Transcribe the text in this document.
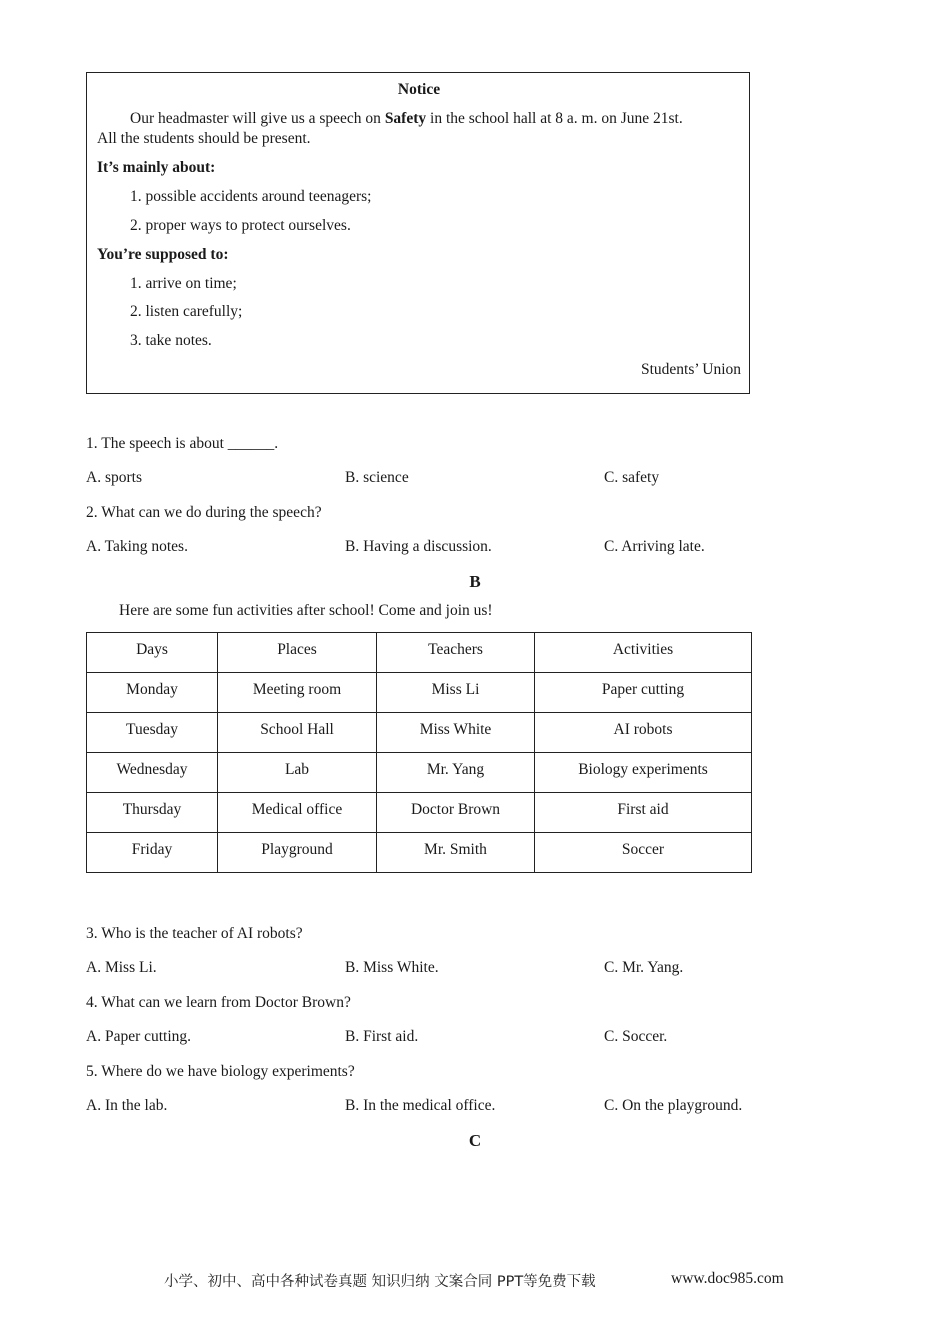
Notice
Our headmaster will give us a speech on Safety in the school hall at 8 a. m. on June 21st.
All the students should be present.
It’s mainly about:
1. possible accidents around teenagers;
2. proper ways to protect ourselves.
You’re supposed to:
1. arrive on time;
2. listen carefully;
3. take notes.
Students’ Union
1. The speech is about ______.
A. sports	B. science	C. safety
2. What can we do during the speech?
A. Taking notes.	B. Having a discussion.	C. Arriving late.
B
Here are some fun activities after school! Come and join us!
Days	Places	Teachers	Activities
Monday	Meeting room	Miss Li	Paper cutting
Tuesday	School Hall	Miss White	AI robots
Wednesday	Lab	Mr. Yang	Biology experiments
Thursday	Medical office	Doctor Brown	First aid
Friday	Playground	Mr. Smith	Soccer
3. Who is the teacher of AI robots?
A. Miss Li.	B. Miss White.	C. Mr. Yang.
4. What can we learn from Doctor Brown?
A. Paper cutting.	B. First aid.	C. Soccer.
5. Where do we have biology experiments?
A. In the lab.	B. In the medical office.	C. On the playground.
C
小学、初中、高中各种试卷真题 知识归纳 文案合同 PPT等免费下载	www.doc985.com
